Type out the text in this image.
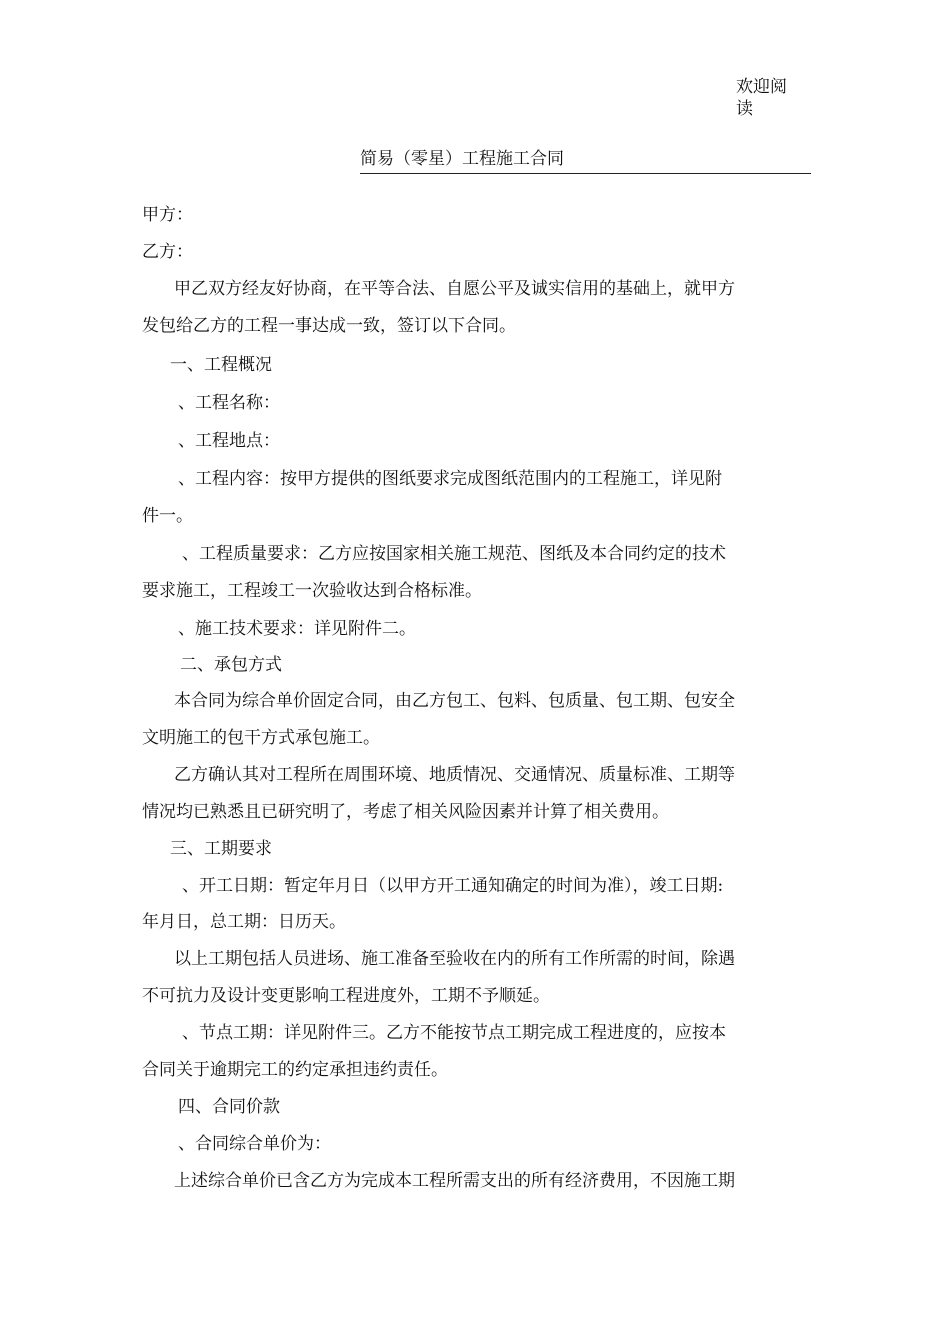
欢迎阅读
简易（零星）工程施工合同
甲方：
乙方：
甲乙双方经友好协商，在平等合法、自愿公平及诚实信用的基础上，就甲方
发包给乙方的工程一事达成一致，签订以下合同。
一、工程概况
、工程名称：
、工程地点：
、工程内容：按甲方提供的图纸要求完成图纸范围内的工程施工，详见附
件一。
、工程质量要求：乙方应按国家相关施工规范、图纸及本合同约定的技术
要求施工，工程竣工一次验收达到合格标准。
、施工技术要求：详见附件二。
二、承包方式
本合同为综合单价固定合同，由乙方包工、包料、包质量、包工期、包安全
文明施工的包干方式承包施工。
乙方确认其对工程所在周围环境、地质情况、交通情况、质量标准、工期等
情况均已熟悉且已研究明了，考虑了相关风险因素并计算了相关费用。
三、工期要求
、开工日期：暂定年月日（以甲方开工通知确定的时间为准），竣工日期:
年月日，总工期：日历天。
以上工期包括人员进场、施工准备至验收在内的所有工作所需的时间，除遇
不可抗力及设计变更影响工程进度外，工期不予顺延。
、节点工期：详见附件三。乙方不能按节点工期完成工程进度的，应按本
合同关于逾期完工的约定承担违约责任。
四、合同价款
、合同综合单价为：
上述综合单价已含乙方为完成本工程所需支出的所有经济费用，不因施工期
